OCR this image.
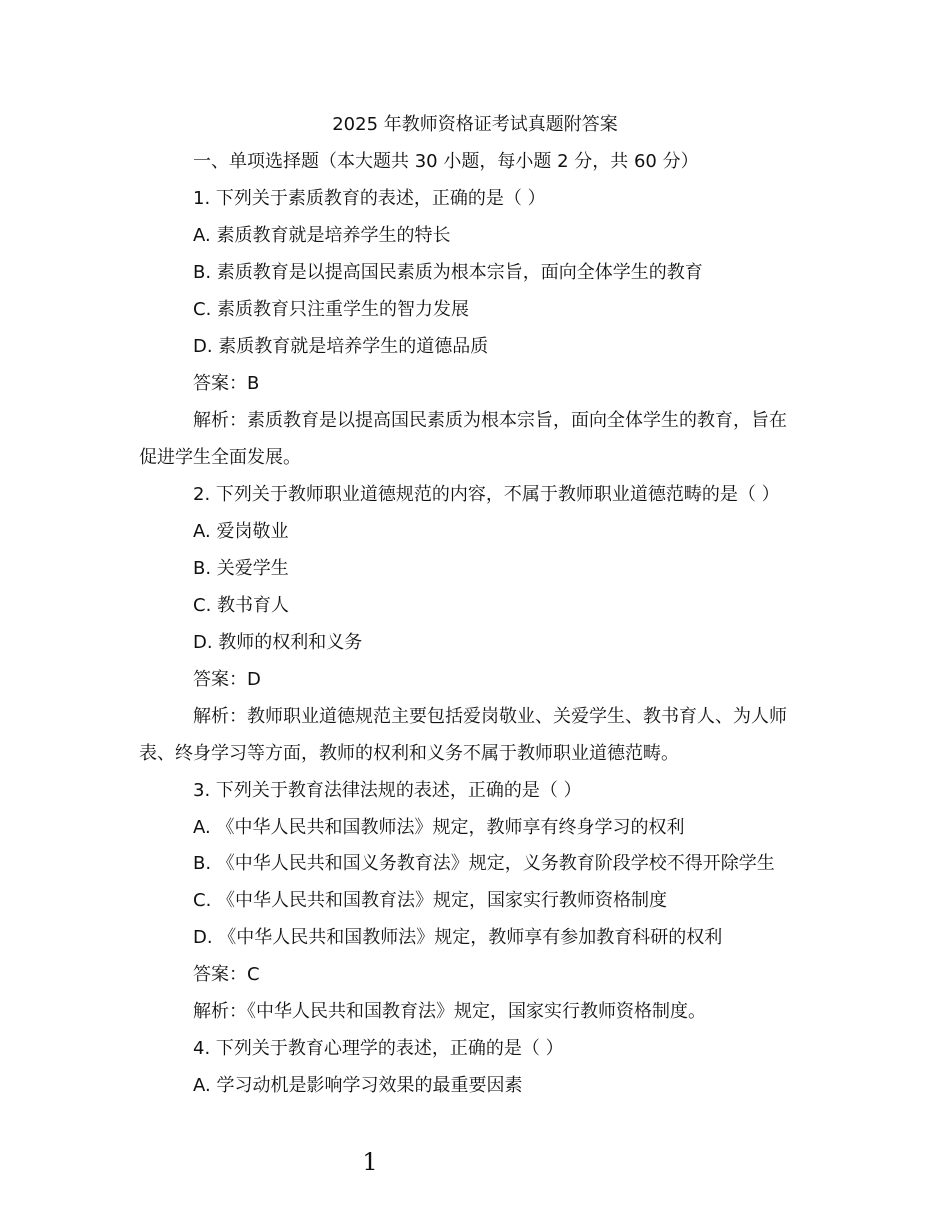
2025 年教师资格证考试真题附答案
一、单项选择题（本大题共 30 小题，每小题 2 分，共 60 分）
1. 下列关于素质教育的表述，正确的是（ ）
A. 素质教育就是培养学生的特长
B. 素质教育是以提高国民素质为根本宗旨，面向全体学生的教育
C. 素质教育只注重学生的智力发展
D. 素质教育就是培养学生的道德品质
答案：B
解析：素质教育是以提高国民素质为根本宗旨，面向全体学生的教育，旨在
促进学生全面发展。
2. 下列关于教师职业道德规范的内容，不属于教师职业道德范畴的是（ ）
A. 爱岗敬业
B. 关爱学生
C. 教书育人
D. 教师的权利和义务
答案：D
解析：教师职业道德规范主要包括爱岗敬业、关爱学生、教书育人、为人师
表、终身学习等方面，教师的权利和义务不属于教师职业道德范畴。
3. 下列关于教育法律法规的表述，正确的是（ ）
A. 《中华人民共和国教师法》规定，教师享有终身学习的权利
B. 《中华人民共和国义务教育法》规定，义务教育阶段学校不得开除学生
C. 《中华人民共和国教育法》规定，国家实行教师资格制度
D. 《中华人民共和国教师法》规定，教师享有参加教育科研的权利
答案：C
解析：《中华人民共和国教育法》规定，国家实行教师资格制度。
4. 下列关于教育心理学的表述，正确的是（ ）
A. 学习动机是影响学习效果的最重要因素
1
